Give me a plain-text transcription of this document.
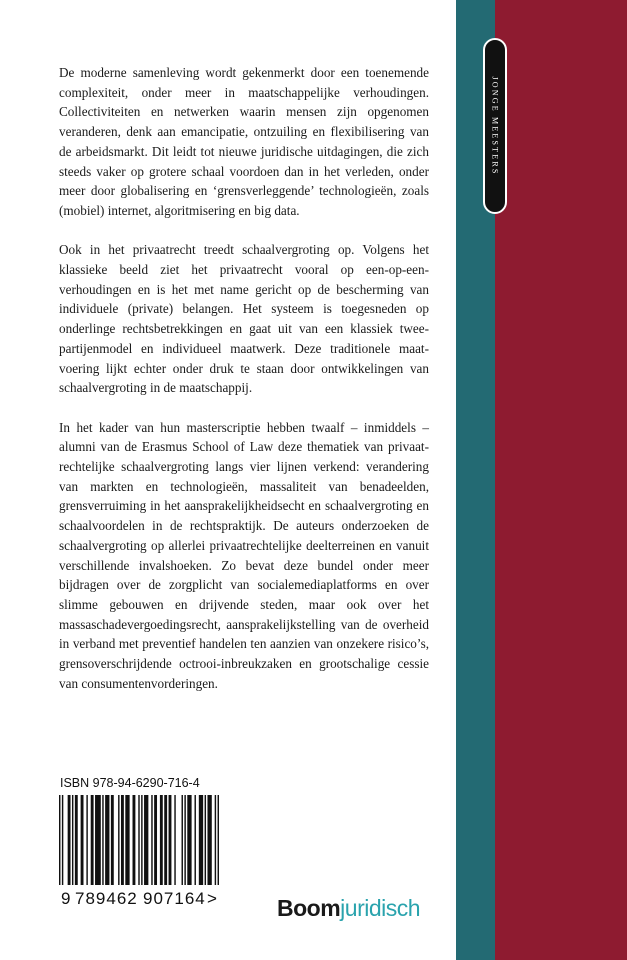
JONGE MEESTERS

De moderne samenleving wordt gekenmerkt door een toenemende complexiteit, onder meer in maatschappelijke verhoudingen. Collectiviteiten en netwerken waarin mensen zijn opgenomen veranderen, denk aan emancipatie, ontzuiling en flexibilisering van de arbeidsmarkt. Dit leidt tot nieuwe juridische uitdagingen, die zich steeds vaker op grotere schaal voordoen dan in het verleden, onder meer door globalisering en ‘grensverleggende’ technologieën, zoals (mobiel) internet, algoritmisering en big data.

Ook in het privaatrecht treedt schaalvergroting op. Volgens het klassieke beeld ziet het privaatrecht vooral op een-op-een-verhoudingen en is het met name gericht op de bescherming van individuele (private) belangen. Het systeem is toegesneden op onderlinge rechtsbetrekkingen en gaat uit van een klassiek twee-partijenmodel en individueel maatwerk. Deze traditionele maatvoering lijkt echter onder druk te staan door ontwikkelingen van schaalvergroting in de maatschappij.

In het kader van hun masterscriptie hebben twaalf – inmiddels – alumni van de Erasmus School of Law deze thematiek van privaatrechtelijke schaalvergroting langs vier lijnen verkend: verandering van markten en technologieën, massaliteit van benadeelden, grensverruiming in het aansprakelijkheidsecht en schaalvergroting en schaalvoordelen in de rechtspraktijk. De auteurs onderzoeken de schaalvergroting op allerlei privaatrechtelijke deelterreinen en vanuit verschillende invalshoeken. Zo bevat deze bundel onder meer bijdragen over de zorgplicht van socialemediaplatforms en over slimme gebouwen en drijvende steden, maar ook over het massaschadevergoedingsrecht, aansprakelijkstelling van de overheid in verband met preventief handelen ten aanzien van onzekere risico’s, grensoverschrijdende octrooi-inbreukzaken en grootschalige cessie van consumentenvorderingen.

ISBN 978-94-6290-716-4
9 789462 907164 >	Boomjuridisch
